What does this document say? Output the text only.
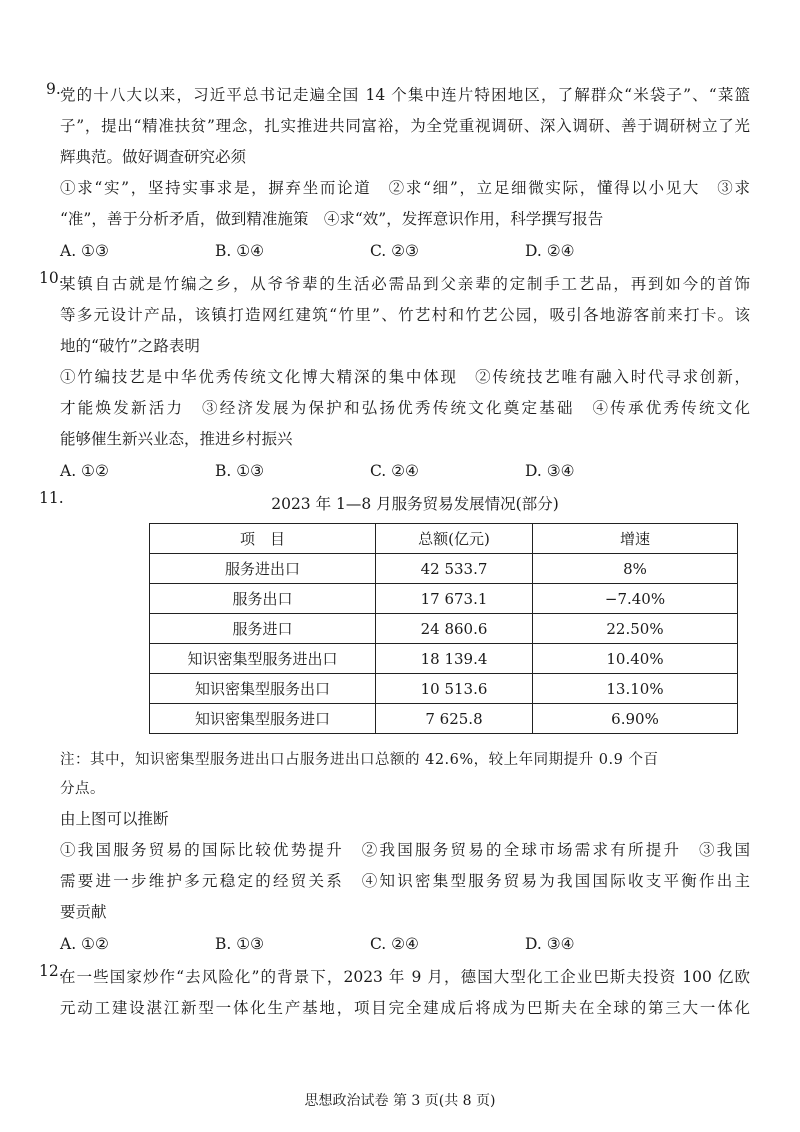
9. 党的十八大以来，习近平总书记走遍全国 14 个集中连片特困地区，了解群众“米袋子”、“菜篮
子”，提出“精准扶贫”理念，扎实推进共同富裕，为全党重视调研、深入调研、善于调研树立了光
辉典范。做好调查研究必须
①求“实”，坚持实事求是，摒弃坐而论道　②求“细”，立足细微实际，懂得以小见大　③求
“准”，善于分析矛盾，做到精准施策　④求“效”，发挥意识作用，科学撰写报告
A. ①③	B. ①④	C. ②③	D. ②④
10.
某镇自古就是竹编之乡，从爷爷辈的生活必需品到父亲辈的定制手工艺品，再到如今的首饰
等多元设计产品，该镇打造网红建筑“竹里”、竹艺村和竹艺公园，吸引各地游客前来打卡。该
地的“破竹”之路表明
①竹编技艺是中华优秀传统文化博大精深的集中体现　②传统技艺唯有融入时代寻求创新，
才能焕发新活力　③经济发展为保护和弘扬优秀传统文化奠定基础　④传承优秀传统文化
能够催生新兴业态，推进乡村振兴
A. ①②	B. ①③	C. ②④	D. ③④
11.	2023 年 1—8 月服务贸易发展情况(部分)
项　目	总额(亿元)	增速
服务进出口	42 533.7	8%
服务出口	17 673.1	−7.40%
服务进口	24 860.6	22.50%
知识密集型服务进出口	18 139.4	10.40%
知识密集型服务出口	10 513.6	13.10%
知识密集型服务进口	7 625.8	6.90%
注：其中，知识密集型服务进出口占服务进出口总额的 42.6%，较上年同期提升 0.9 个百
分点。
由上图可以推断
①我国服务贸易的国际比较优势提升　②我国服务贸易的全球市场需求有所提升　③我国
需要进一步维护多元稳定的经贸关系　④知识密集型服务贸易为我国国际收支平衡作出主
要贡献
A. ①②	B. ①③	C. ②④	D. ③④
12.
在一些国家炒作“去风险化”的背景下，2023 年 9 月，德国大型化工企业巴斯夫投资 100 亿欧
元动工建设湛江新型一体化生产基地，项目完全建成后将成为巴斯夫在全球的第三大一体化
思想政治试卷 第 3 页(共 8 页)
